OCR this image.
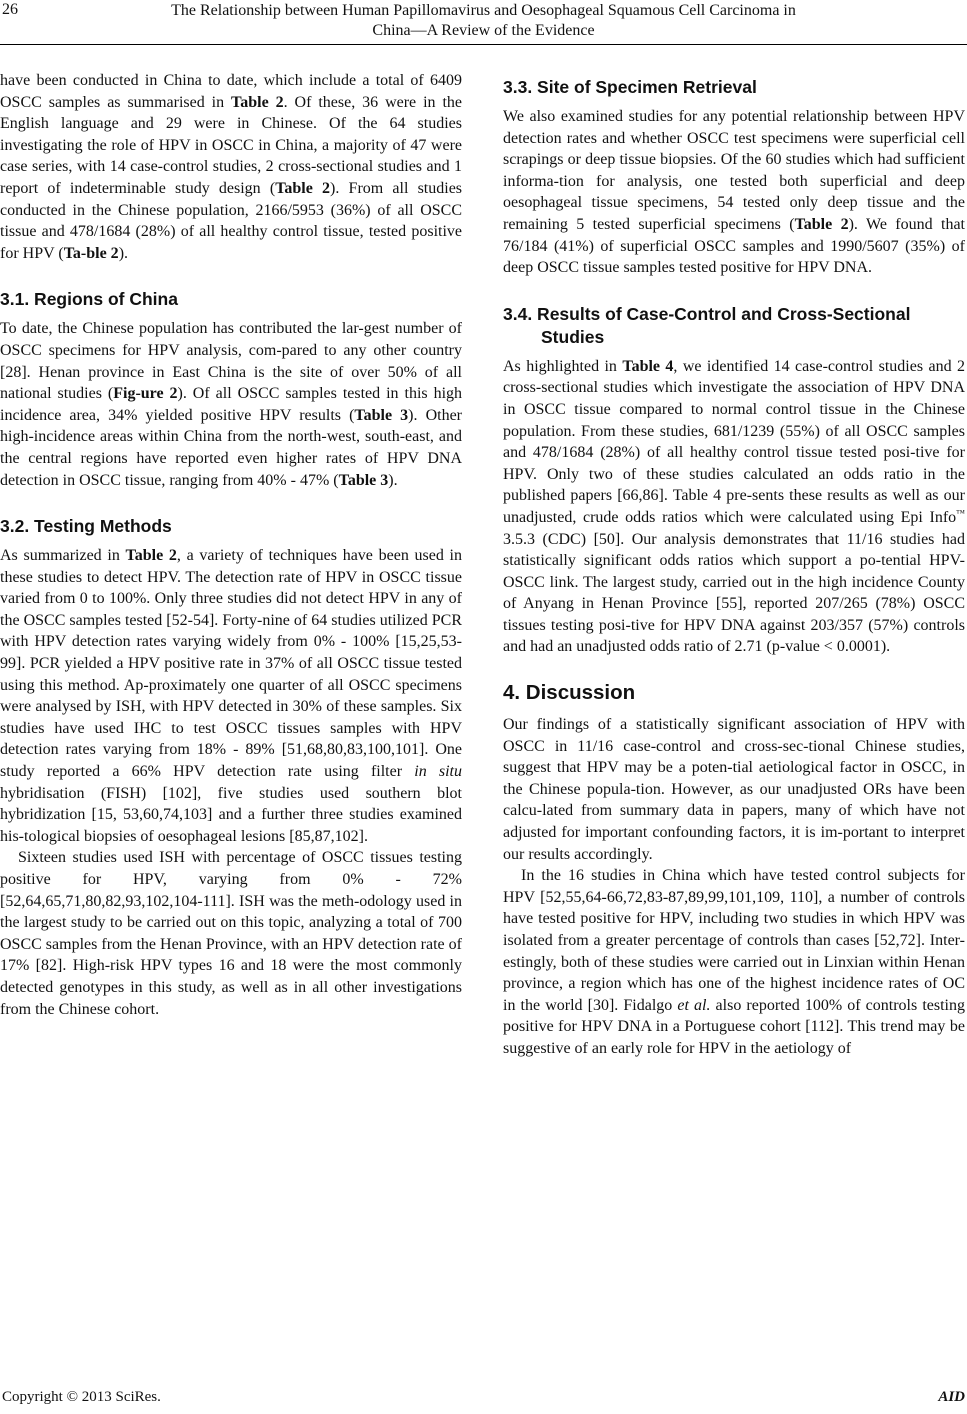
26	The Relationship between Human Papillomavirus and Oesophageal Squamous Cell Carcinoma in
China—A Review of the Evidence

have been conducted in China to date, which include a total of 6409 OSCC samples as summarised in Table 2. Of these, 36 were in the English language and 29 were in Chinese. Of the 64 studies investigating the role of HPV in OSCC in China, a majority of 47 were case series, with 14 case-control studies, 2 cross-sectional studies and 1 report of indeterminable study design (Table 2). From all studies conducted in the Chinese population, 2166/5953 (36%) of all OSCC tissue and 478/1684 (28%) of all healthy control tissue, tested positive for HPV (Ta-ble 2).

3.1. Regions of China

To date, the Chinese population has contributed the lar-gest number of OSCC specimens for HPV analysis, com-pared to any other country [28]. Henan province in East China is the site of over 50% of all national studies (Fig-ure 2). Of all OSCC samples tested in this high incidence area, 34% yielded positive HPV results (Table 3). Other high-incidence areas within China from the north-west, south-east, and the central regions have reported even higher rates of HPV DNA detection in OSCC tissue, ranging from 40% - 47% (Table 3).

3.2. Testing Methods

As summarized in Table 2, a variety of techniques have been used in these studies to detect HPV. The detection rate of HPV in OSCC tissue varied from 0 to 100%. Only three studies did not detect HPV in any of the OSCC samples tested [52-54]. Forty-nine of 64 studies utilized PCR with HPV detection rates varying widely from 0% - 100% [15,25,53-99]. PCR yielded a HPV positive rate in 37% of all OSCC tissue tested using this method. Ap-proximately one quarter of all OSCC specimens were analysed by ISH, with HPV detected in 30% of these samples. Six studies have used IHC to test OSCC tissues samples with HPV detection rates varying from 18% - 89% [51,68,80,83,100,101]. One study reported a 66% HPV detection rate using filter in situ hybridisation (FISH) [102], five studies used southern blot hybridization [15, 53,60,74,103] and a further three studies examined his-tological biopsies of oesophageal lesions [85,87,102].

Sixteen studies used ISH with percentage of OSCC tissues testing positive for HPV, varying from 0% - 72% [52,64,65,71,80,82,93,102,104-111]. ISH was the meth-odology used in the largest study to be carried out on this topic, analyzing a total of 700 OSCC samples from the Henan Province, with an HPV detection rate of 17% [82]. High-risk HPV types 16 and 18 were the most commonly detected genotypes in this study, as well as in all other investigations from the Chinese cohort.

3.3. Site of Specimen Retrieval

We also examined studies for any potential relationship between HPV detection rates and whether OSCC test specimens were superficial cell scrapings or deep tissue biopsies. Of the 60 studies which had sufficient informa-tion for analysis, one tested both superficial and deep oesophageal tissue specimens, 54 tested only deep tissue and the remaining 5 tested superficial specimens (Table 2). We found that 76/184 (41%) of superficial OSCC samples and 1990/5607 (35%) of deep OSCC tissue samples tested positive for HPV DNA.

3.4. Results of Case-Control and Cross-Sectional Studies

As highlighted in Table 4, we identified 14 case-control studies and 2 cross-sectional studies which investigate the association of HPV DNA in OSCC tissue compared to normal control tissue in the Chinese population. From these studies, 681/1239 (55%) of all OSCC samples and 478/1684 (28%) of all healthy control tissue tested posi-tive for HPV. Only two of these studies calculated an odds ratio in the published papers [66,86]. Table 4 pre-sents these results as well as our unadjusted, crude odds ratios which were calculated using Epi Info™ 3.5.3 (CDC) [50]. Our analysis demonstrates that 11/16 studies had statistically significant odds ratios which support a po-tential HPV-OSCC link. The largest study, carried out in the high incidence County of Anyang in Henan Province [55], reported 207/265 (78%) OSCC tissues testing posi-tive for HPV DNA against 203/357 (57%) controls and had an unadjusted odds ratio of 2.71 (p-value < 0.0001).

4. Discussion

Our findings of a statistically significant association of HPV with OSCC in 11/16 case-control and cross-sec-tional Chinese studies, suggest that HPV may be a poten-tial aetiological factor in OSCC, in the Chinese popula-tion. However, as our unadjusted ORs have been calcu-lated from summary data in papers, many of which have not adjusted for important confounding factors, it is im-portant to interpret our results accordingly.

In the 16 studies in China which have tested control subjects for HPV [52,55,64-66,72,83-87,89,99,101,109, 110], a number of controls have tested positive for HPV, including two studies in which HPV was isolated from a greater percentage of controls than cases [52,72]. Inter-estingly, both of these studies were carried out in Linxian within Henan province, a region which has one of the highest incidence rates of OC in the world [30]. Fidalgo et al. also reported 100% of controls testing positive for HPV DNA in a Portuguese cohort [112]. This trend may be suggestive of an early role for HPV in the aetiology of

Copyright © 2013 SciRes.	AID
